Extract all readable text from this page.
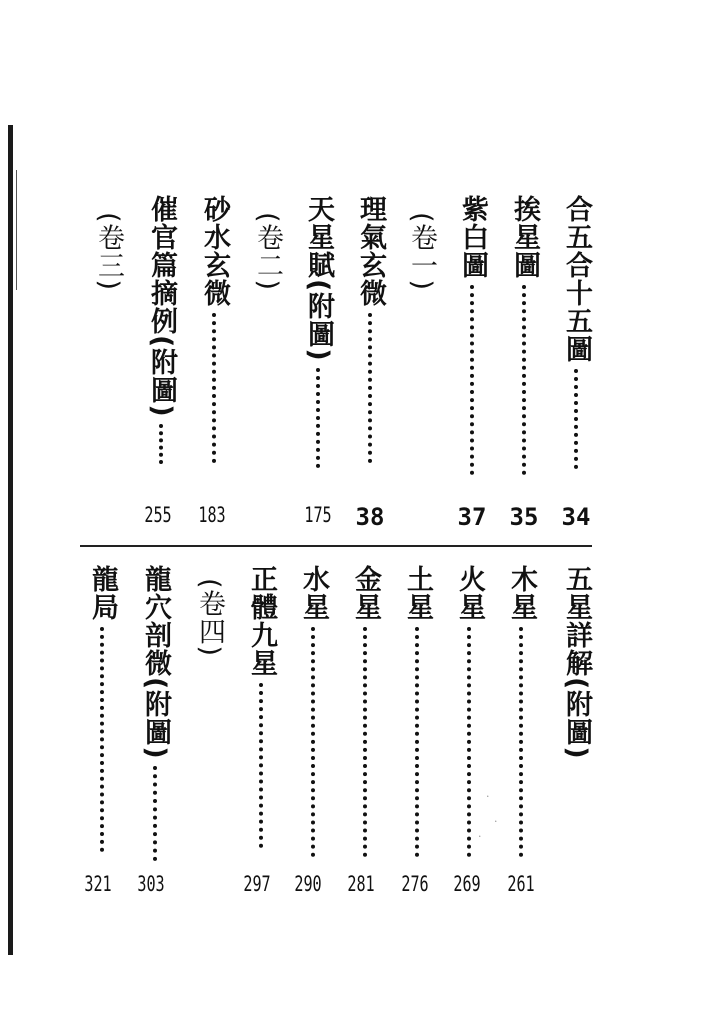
合五合十五圖
34
挨星圖
35
紫白圖
37
(卷一)
理氣玄微
38
天星賦(附圖)
175
(卷二)
砂水玄微
183
催官篇摘例(附圖)
255
(卷三)
五星詳解(附圖)
木星
261
火星
269
土星
276
金星
281
水星
290
正體九星
297
(卷四)
龍穴剖微(附圖)
303
龍局
321
·
·
·
